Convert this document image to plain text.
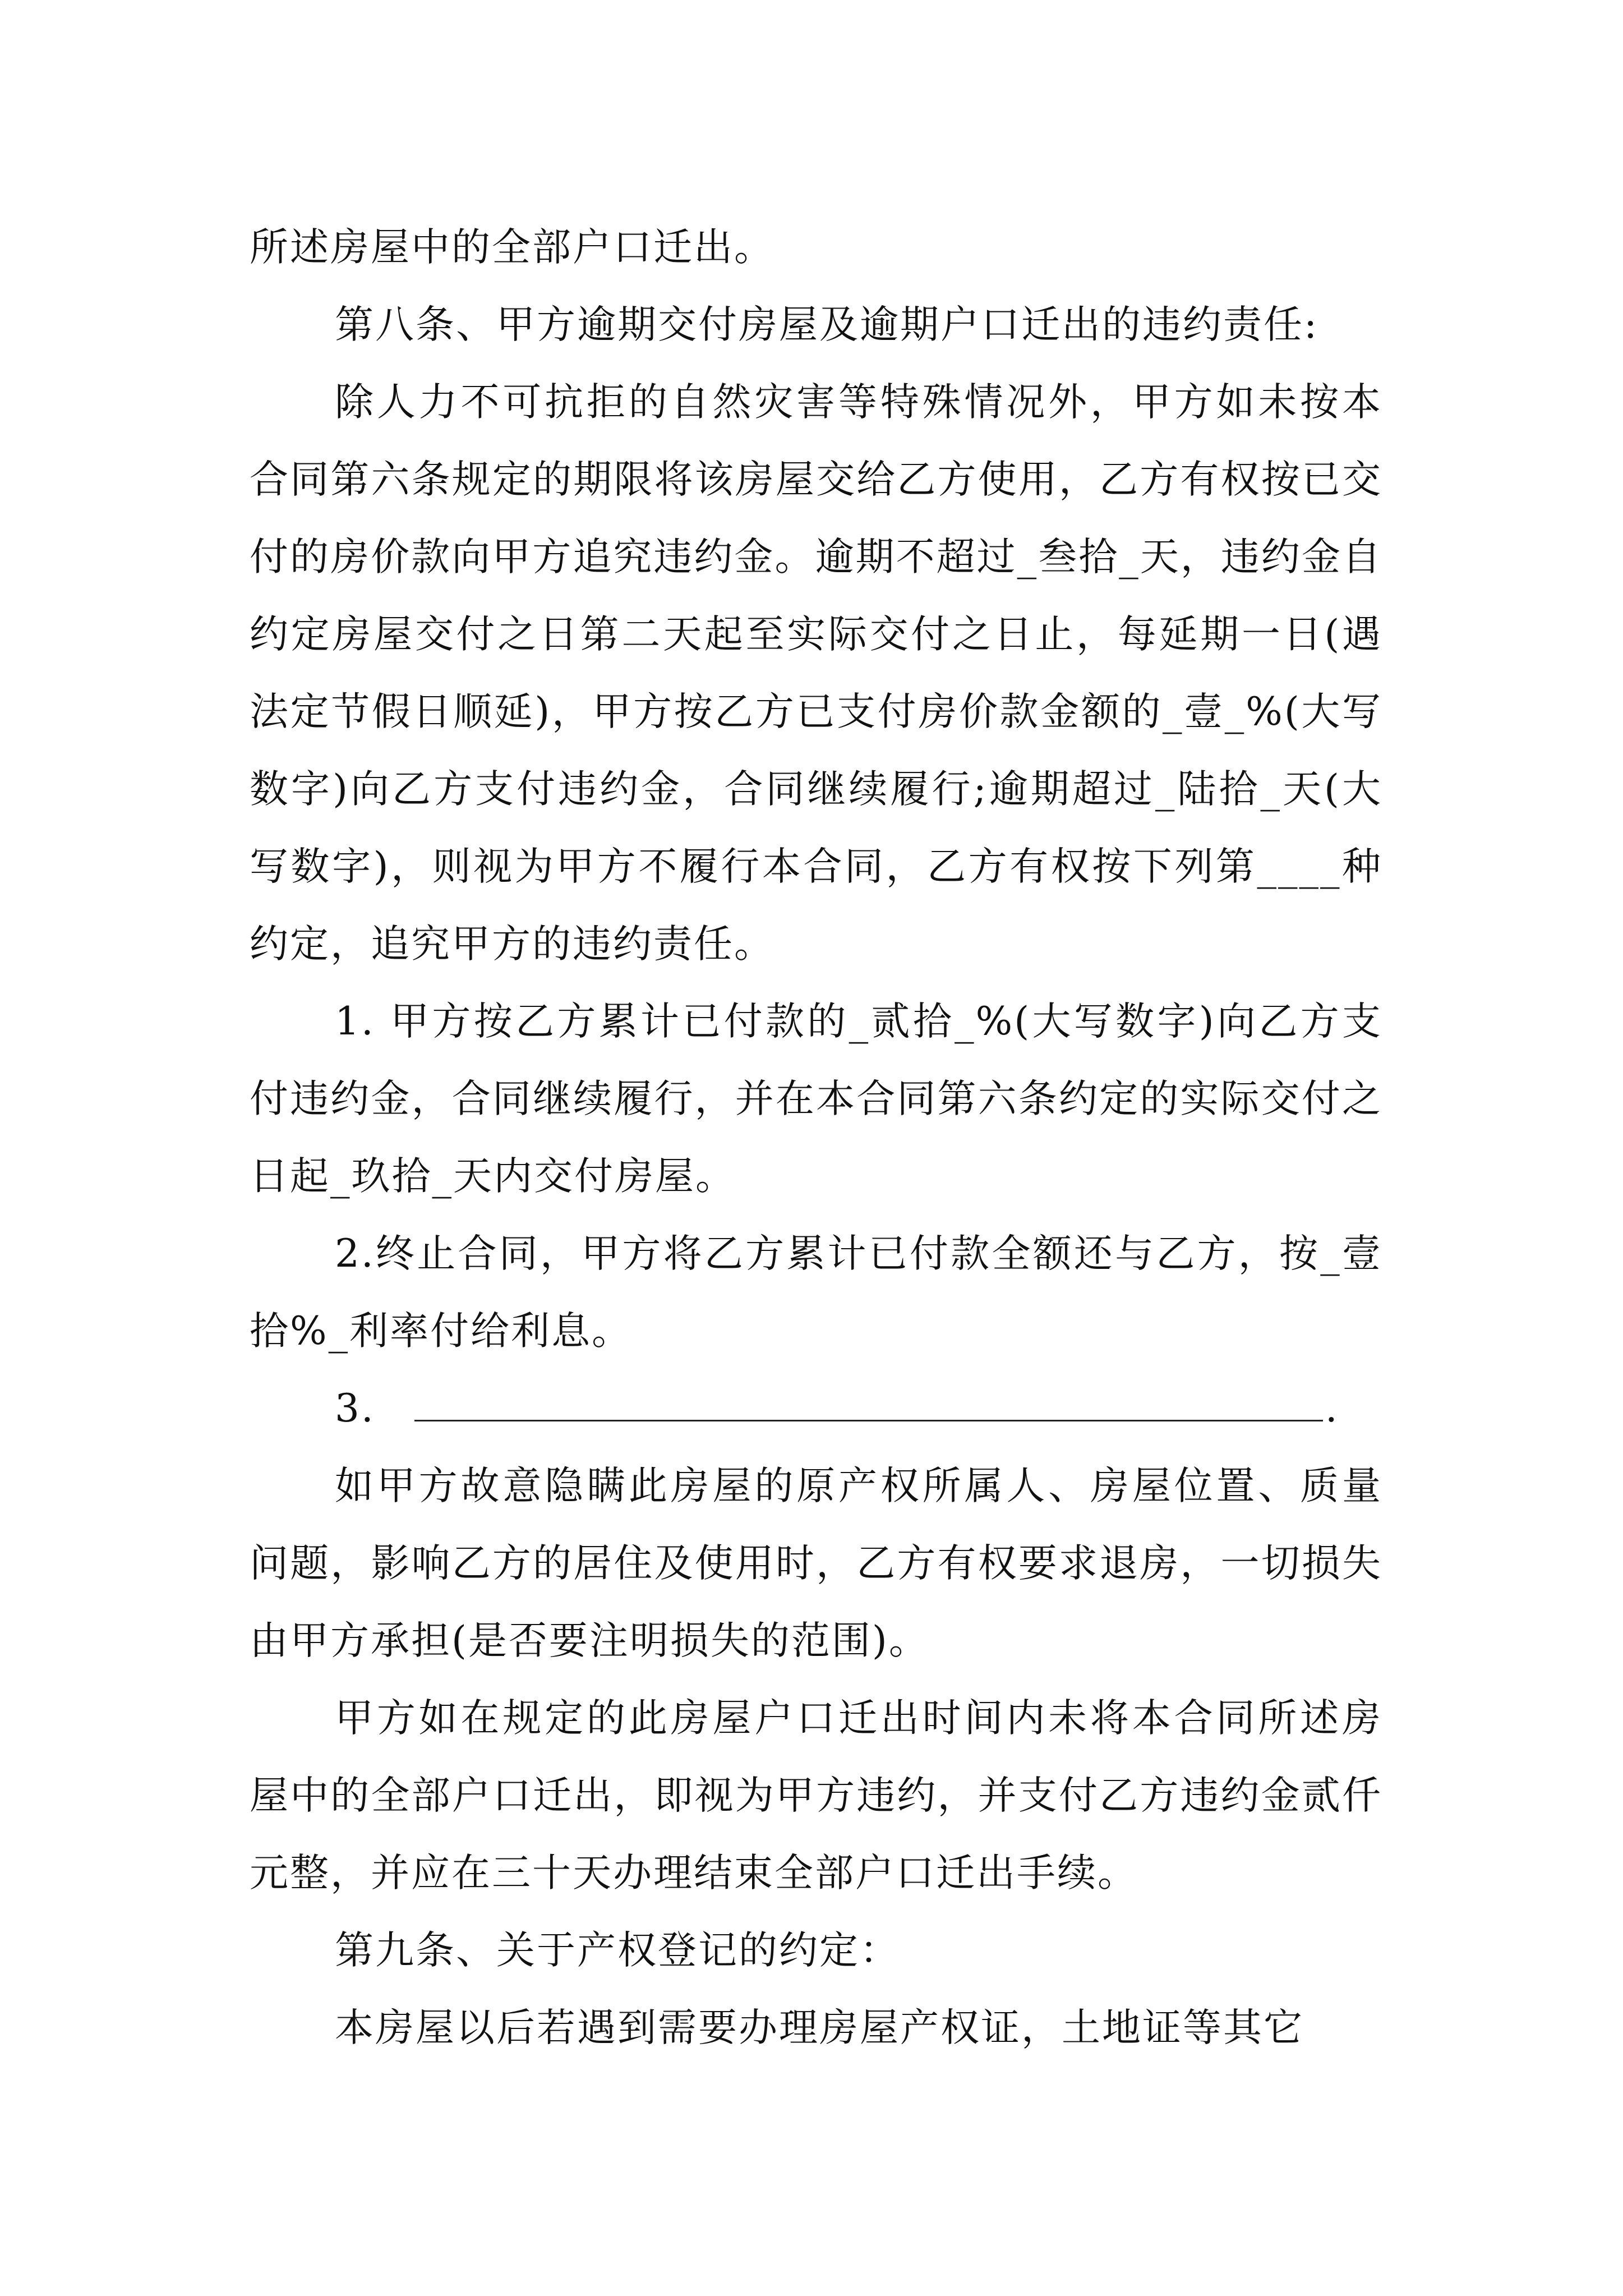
所述房屋中的全部户口迁出。

第八条、甲方逾期交付房屋及逾期户口迁出的违约责任:

除人力不可抗拒的自然灾害等特殊情况外，甲方如未按本合同第六条规定的期限将该房屋交给乙方使用，乙方有权按已交付的房价款向甲方追究违约金。逾期不超过_叁拾_天，违约金自约定房屋交付之日第二天起至实际交付之日止，每延期一日(遇法定节假日顺延)，甲方按乙方已支付房价款金额的_壹_%(大写数字)向乙方支付违约金，合同继续履行;逾期超过_陆拾_天(大写数字)，则视为甲方不履行本合同，乙方有权按下列第____种约定，追究甲方的违约责任。

1. 甲方按乙方累计已付款的_贰拾_%(大写数字)向乙方支付违约金，合同继续履行，并在本合同第六条约定的实际交付之日起_玖拾_天内交付房屋。

2.终止合同，甲方将乙方累计已付款全额还与乙方，按_壹拾%_利率付给利息。

3.	.

如甲方故意隐瞒此房屋的原产权所属人、房屋位置、质量问题，影响乙方的居住及使用时，乙方有权要求退房，一切损失由甲方承担(是否要注明损失的范围)。

甲方如在规定的此房屋户口迁出时间内未将本合同所述房屋中的全部户口迁出，即视为甲方违约，并支付乙方违约金贰仟元整，并应在三十天办理结束全部户口迁出手续。

第九条、关于产权登记的约定：

本房屋以后若遇到需要办理房屋产权证，土地证等其它
